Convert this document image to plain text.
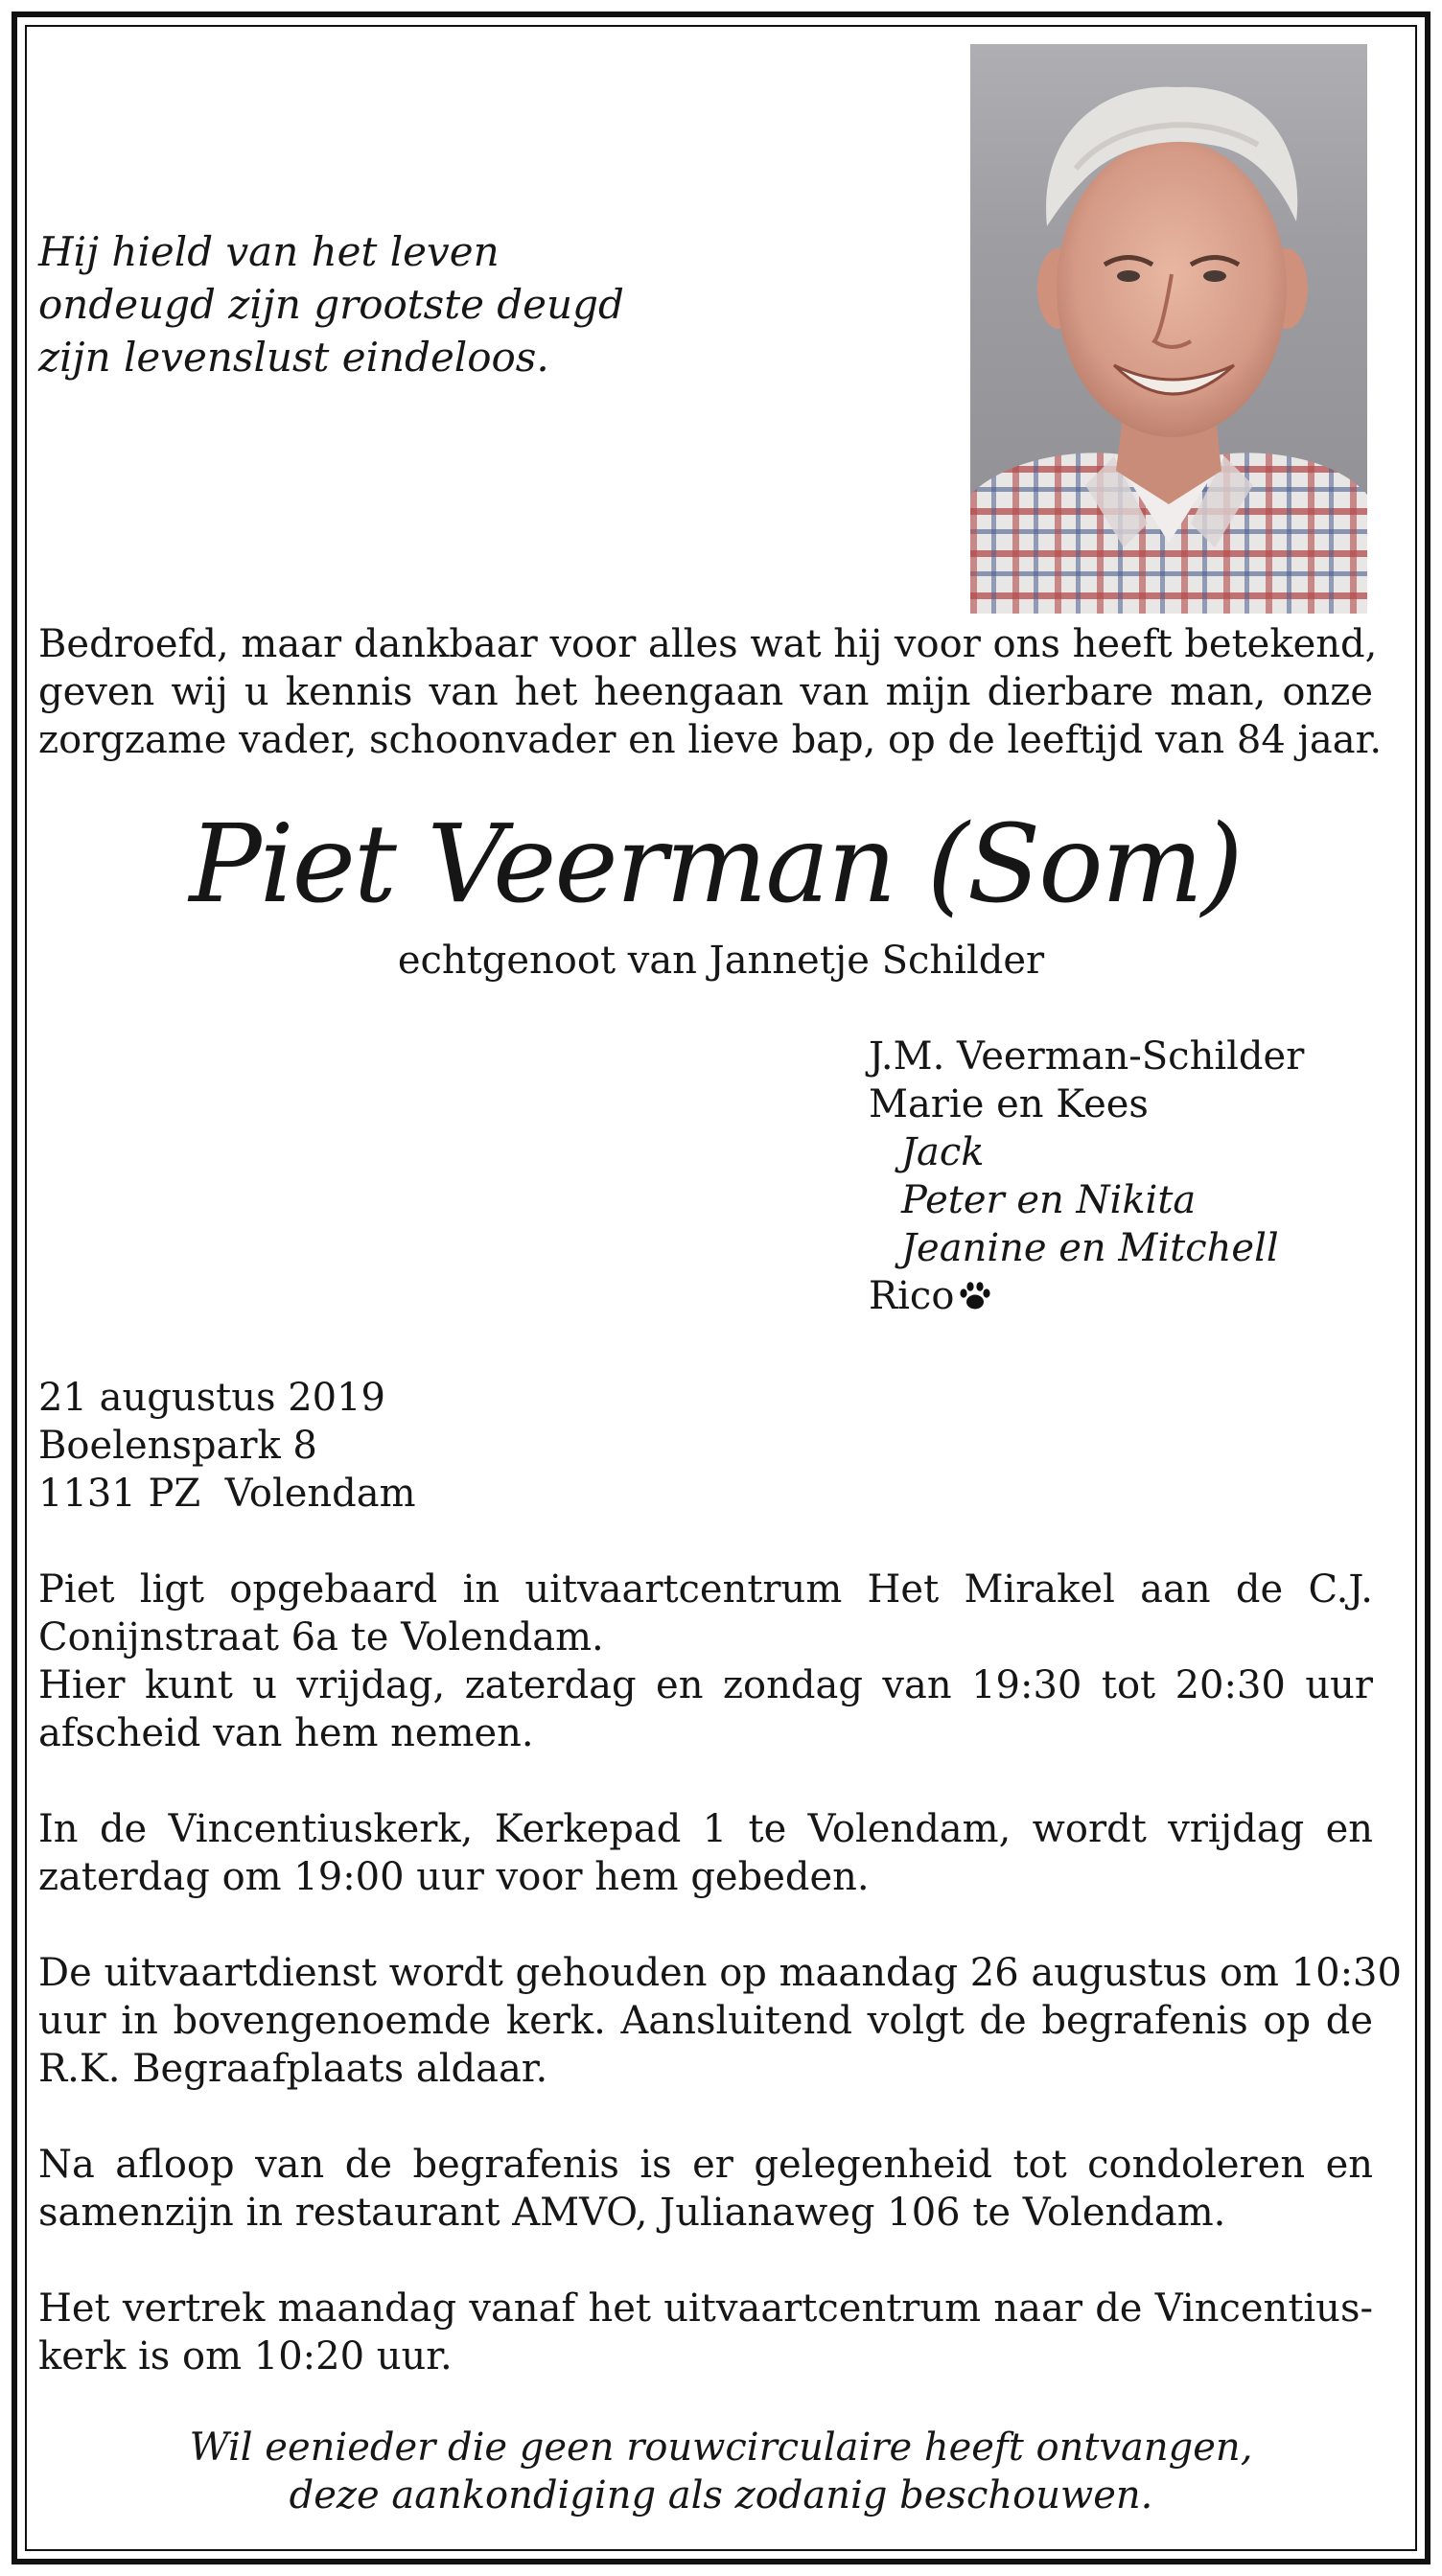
Hij hield van het leven
ondeugd zijn grootste deugd
zijn levenslust eindeloos.
Bedroefd, maar dankbaar voor alles wat hij voor ons heeft betekend,
geven wij u kennis van het heengaan van mijn dierbare man, onze
zorgzame vader, schoonvader en lieve bap, op de leeftijd van 84 jaar.
Piet Veerman (Som)
echtgenoot van Jannetje Schilder
J.M. Veerman-Schilder
Marie en Kees
Jack
Peter en Nikita
Jeanine en Mitchell
Rico
21 augustus 2019
Boelenspark 8
1131 PZ  Volendam
Piet ligt opgebaard in uitvaartcentrum Het Mirakel aan de C.J.
Conijnstraat 6a te Volendam.
Hier kunt u vrijdag, zaterdag en zondag van 19:30 tot 20:30 uur
afscheid van hem nemen.
In de Vincentiuskerk, Kerkepad 1 te Volendam, wordt vrijdag en
zaterdag om 19:00 uur voor hem gebeden.
De uitvaartdienst wordt gehouden op maandag 26 augustus om 10:30
uur in bovengenoemde kerk. Aansluitend volgt de begrafenis op de
R.K. Begraafplaats aldaar.
Na afloop van de begrafenis is er gelegenheid tot condoleren en
samenzijn in restaurant AMVO, Julianaweg 106 te Volendam.
Het vertrek maandag vanaf het uitvaartcentrum naar de Vincentius-
kerk is om 10:20 uur.
Wil eenieder die geen rouwcirculaire heeft ontvangen,
deze aankondiging als zodanig beschouwen.
